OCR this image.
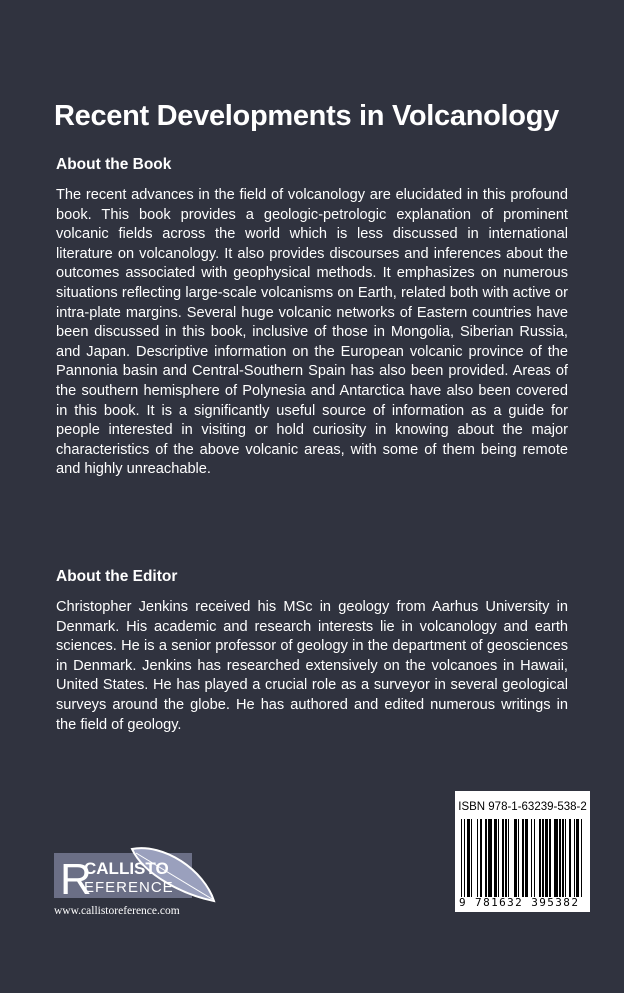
Recent Developments in Volcanology
About the Book

The recent advances in the field of volcanology are elucidated in this profound book. This book provides a geologic-petrologic explanation of prominent volcanic fields across the world which is less discussed in international literature on volcanology. It also provides discourses and inferences about the outcomes associated with geophysical methods. It emphasizes on numerous situations reflecting large-scale volcanisms on Earth, related both with active or intra-plate margins. Several huge volcanic networks of Eastern countries have been discussed in this book, inclusive of those in Mongolia, Siberian Russia, and Japan. Descriptive information on the European volcanic province of the Pannonia basin and Central-Southern Spain has also been provided. Areas of the southern hemisphere of Polynesia and Antarctica have also been covered in this book. It is a significantly useful source of information as a guide for people interested in visiting or hold curiosity in knowing about the major characteristics of the above volcanic areas, with some of them being remote and highly unreachable.

About the Editor

Christopher Jenkins received his MSc in geology from Aarhus University in Denmark. His academic and research interests lie in volcanology and earth sciences. He is a senior professor of geology in the department of geosciences in Denmark. Jenkins has researched extensively on the volcanoes in Hawaii, United States. He has played a crucial role as a surveyor in several geological surveys around the globe. He has authored and edited numerous writings in the field of geology.

ISBN 978-1-63239-538-2
9 781632 395382
R
CALLISTO
EFERENCE
www.callistoreference.com
